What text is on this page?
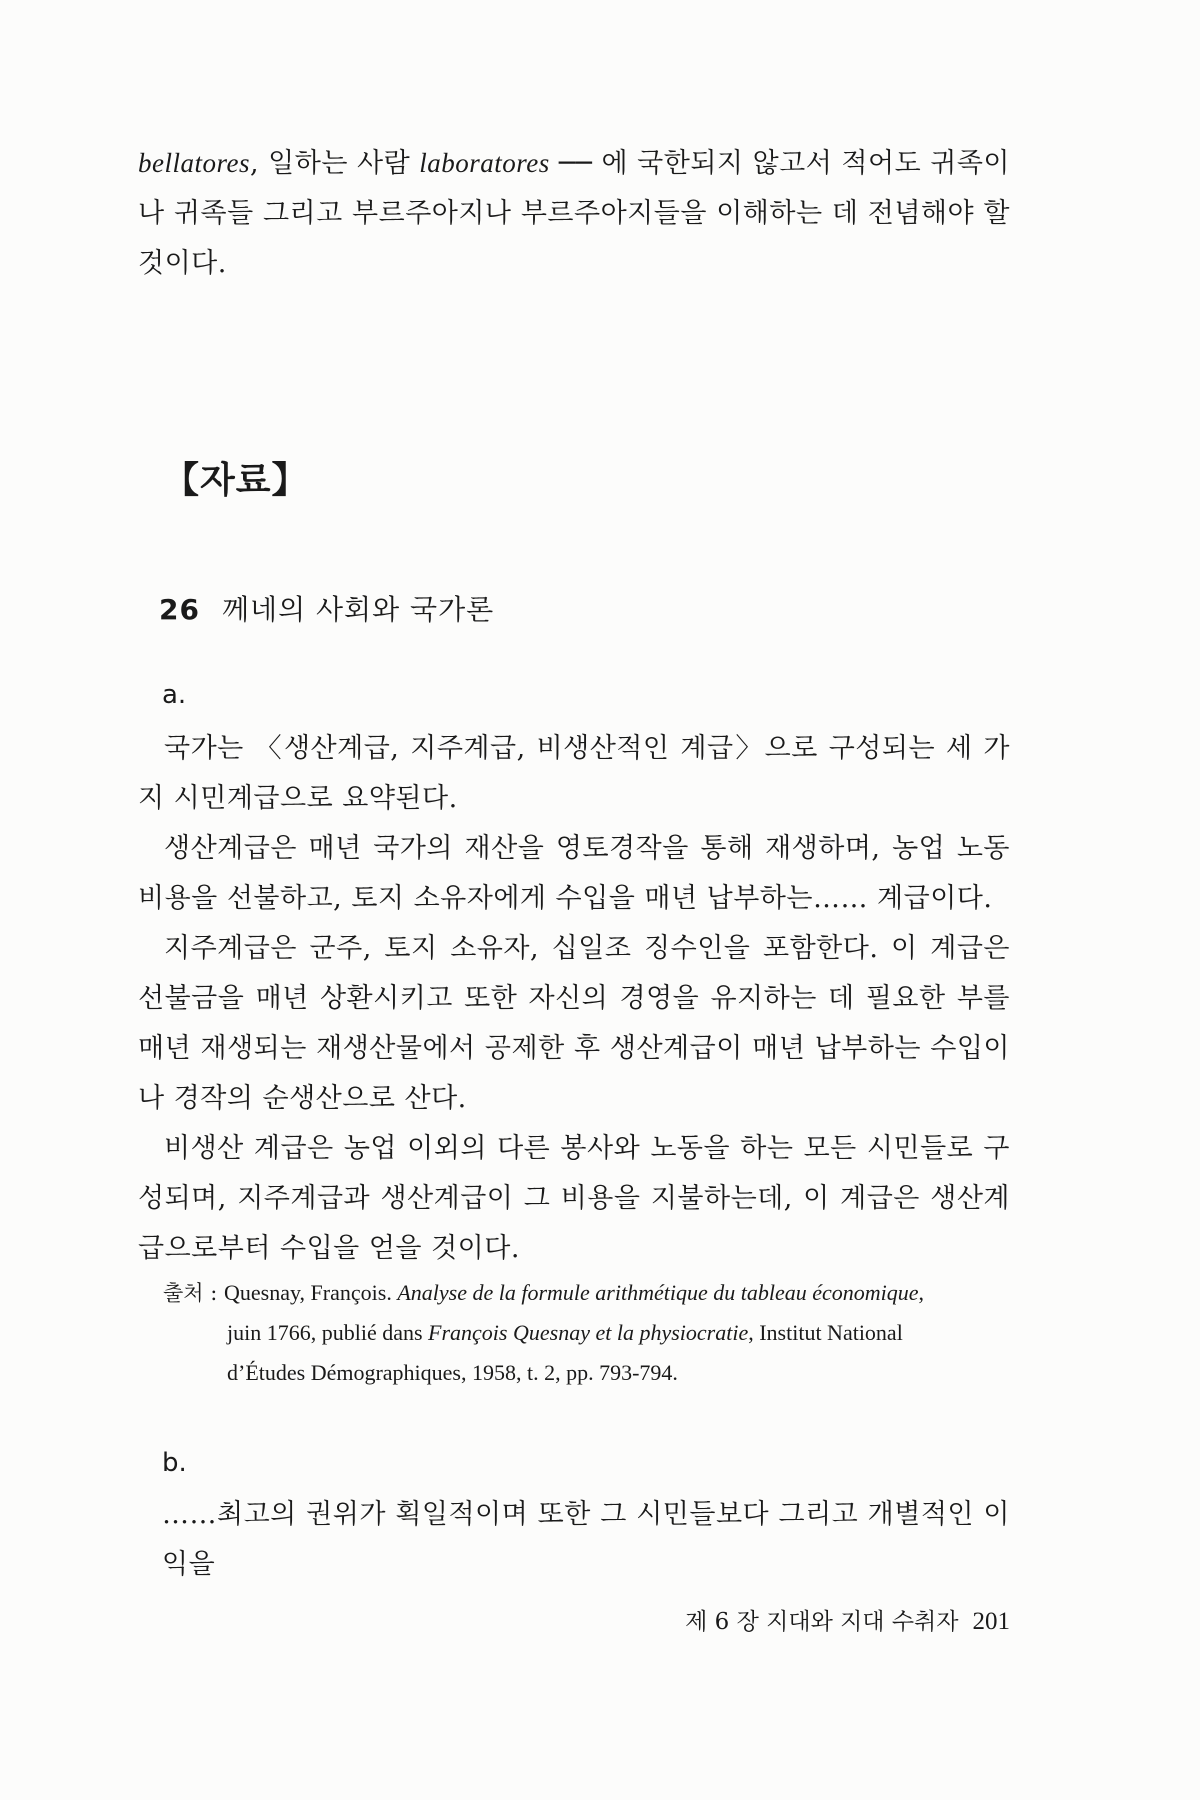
bellatores, 일하는 사람 laboratores ── 에 국한되지 않고서 적어도 귀족이나 귀족들 그리고 부르주아지나 부르주아지들을 이해하는 데 전념해야 할 것이다.
【자료】
26 께네의 사회와 국가론
a.
국가는 〈생산계급, 지주계급, 비생산적인 계급〉으로 구성되는 세 가지 시민계급으로 요약된다.
생산계급은 매년 국가의 재산을 영토경작을 통해 재생하며, 농업 노동비용을 선불하고, 토지 소유자에게 수입을 매년 납부하는…… 계급이다.
지주계급은 군주, 토지 소유자, 십일조 징수인을 포함한다. 이 계급은 선불금을 매년 상환시키고 또한 자신의 경영을 유지하는 데 필요한 부를 매년 재생되는 재생산물에서 공제한 후 생산계급이 매년 납부하는 수입이나 경작의 순생산으로 산다.
비생산 계급은 농업 이외의 다른 봉사와 노동을 하는 모든 시민들로 구성되며, 지주계급과 생산계급이 그 비용을 지불하는데, 이 계급은 생산계급으로부터 수입을 얻을 것이다.
출처 : Quesnay, François. Analyse de la formule arithmétique du tableau économique,
juin 1766, publié dans François Quesnay et la physiocratie, Institut National
d’Études Démographiques, 1958, t. 2, pp. 793-794.
b.
……최고의 권위가 획일적이며 또한 그 시민들보다 그리고 개별적인 이익을
제 6 장 지대와 지대 수취자 201
